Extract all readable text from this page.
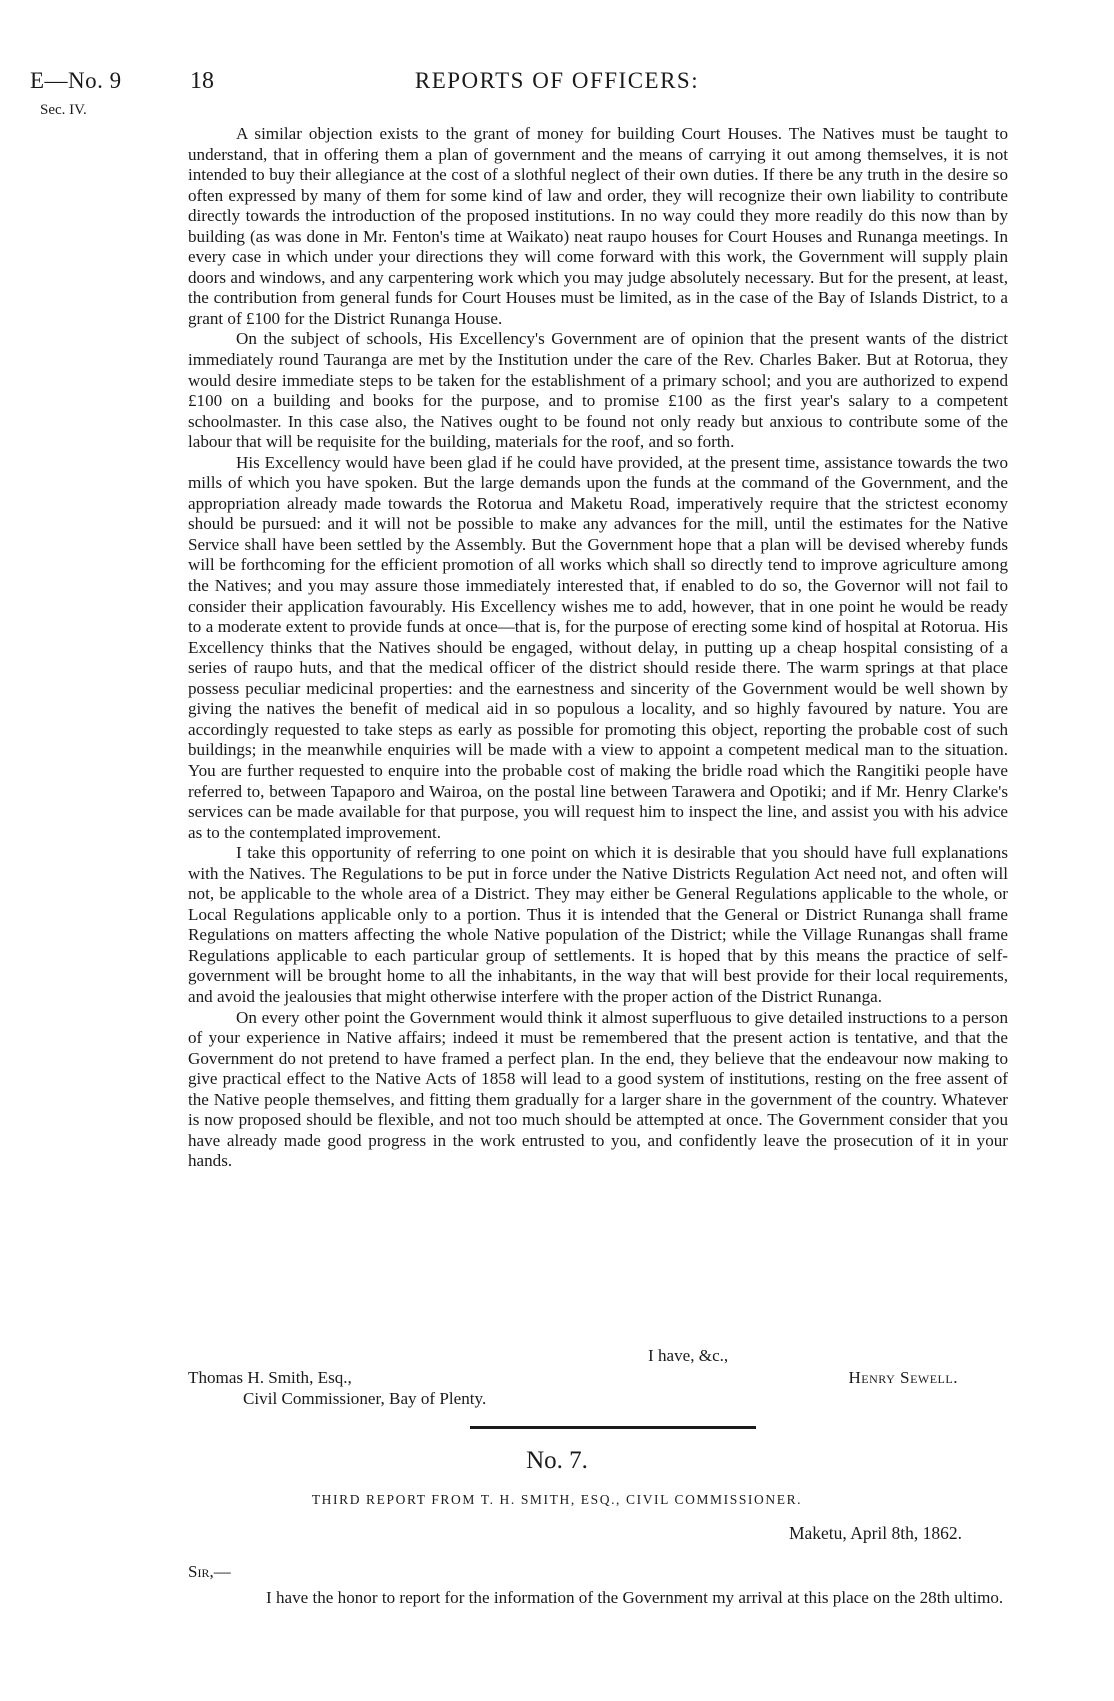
E—No. 9
Sec. IV.
18	REPORTS OF OFFICERS:

A similar objection exists to the grant of money for building Court Houses. The Natives must be taught to understand, that in offering them a plan of government and the means of carrying it out among themselves, it is not intended to buy their allegiance at the cost of a slothful neglect of their own duties. If there be any truth in the desire so often expressed by many of them for some kind of law and order, they will recognize their own liability to contribute directly towards the introduction of the proposed institutions. In no way could they more readily do this now than by building (as was done in Mr. Fenton's time at Waikato) neat raupo houses for Court Houses and Runanga meetings. In every case in which under your directions they will come forward with this work, the Government will supply plain doors and windows, and any carpentering work which you may judge absolutely necessary. But for the present, at least, the contribution from general funds for Court Houses must be limited, as in the case of the Bay of Islands District, to a grant of £100 for the District Runanga House.

On the subject of schools, His Excellency's Government are of opinion that the present wants of the district immediately round Tauranga are met by the Institution under the care of the Rev. Charles Baker. But at Rotorua, they would desire immediate steps to be taken for the establishment of a primary school; and you are authorized to expend £100 on a building and books for the purpose, and to promise £100 as the first year's salary to a competent schoolmaster. In this case also, the Natives ought to be found not only ready but anxious to contribute some of the labour that will be requisite for the building, materials for the roof, and so forth.

His Excellency would have been glad if he could have provided, at the present time, assistance towards the two mills of which you have spoken. But the large demands upon the funds at the command of the Government, and the appropriation already made towards the Rotorua and Maketu Road, imperatively require that the strictest economy should be pursued: and it will not be possible to make any advances for the mill, until the estimates for the Native Service shall have been settled by the Assembly. But the Government hope that a plan will be devised whereby funds will be forthcoming for the efficient promotion of all works which shall so directly tend to improve agriculture among the Natives; and you may assure those immediately interested that, if enabled to do so, the Governor will not fail to consider their application favourably. His Excellency wishes me to add, however, that in one point he would be ready to a moderate extent to provide funds at once—that is, for the purpose of erecting some kind of hospital at Rotorua. His Excellency thinks that the Natives should be engaged, without delay, in putting up a cheap hospital consisting of a series of raupo huts, and that the medical officer of the district should reside there. The warm springs at that place possess peculiar medicinal properties: and the earnestness and sincerity of the Government would be well shown by giving the natives the benefit of medical aid in so populous a locality, and so highly favoured by nature. You are accordingly requested to take steps as early as possible for promoting this object, reporting the probable cost of such buildings; in the meanwhile enquiries will be made with a view to appoint a competent medical man to the situation. You are further requested to enquire into the probable cost of making the bridle road which the Rangitiki people have referred to, between Tapaporo and Wairoa, on the postal line between Tarawera and Opotiki; and if Mr. Henry Clarke's services can be made available for that purpose, you will request him to inspect the line, and assist you with his advice as to the contemplated improvement.

I take this opportunity of referring to one point on which it is desirable that you should have full explanations with the Natives. The Regulations to be put in force under the Native Districts Regulation Act need not, and often will not, be applicable to the whole area of a District. They may either be General Regulations applicable to the whole, or Local Regulations applicable only to a portion. Thus it is intended that the General or District Runanga shall frame Regulations on matters affecting the whole Native population of the District; while the Village Runangas shall frame Regulations applicable to each particular group of settlements. It is hoped that by this means the practice of self-government will be brought home to all the inhabitants, in the way that will best provide for their local requirements, and avoid the jealousies that might otherwise interfere with the proper action of the District Runanga.

On every other point the Government would think it almost superfluous to give detailed instructions to a person of your experience in Native affairs; indeed it must be remembered that the present action is tentative, and that the Government do not pretend to have framed a perfect plan. In the end, they believe that the endeavour now making to give practical effect to the Native Acts of 1858 will lead to a good system of institutions, resting on the free assent of the Native people themselves, and fitting them gradually for a larger share in the government of the country. Whatever is now proposed should be flexible, and not too much should be attempted at once. The Government consider that you have already made good progress in the work entrusted to you, and confidently leave the prosecution of it in your hands.

I have, &c.,
Henry Sewell.
Thomas H. Smith, Esq.,
Civil Commissioner, Bay of Plenty.
No. 7.
THIRD REPORT FROM T. H. SMITH, ESQ., CIVIL COMMISSIONER.
Maketu, April 8th, 1862.
Sir,—

I have the honor to report for the information of the Government my arrival at this place on the 28th ultimo.
